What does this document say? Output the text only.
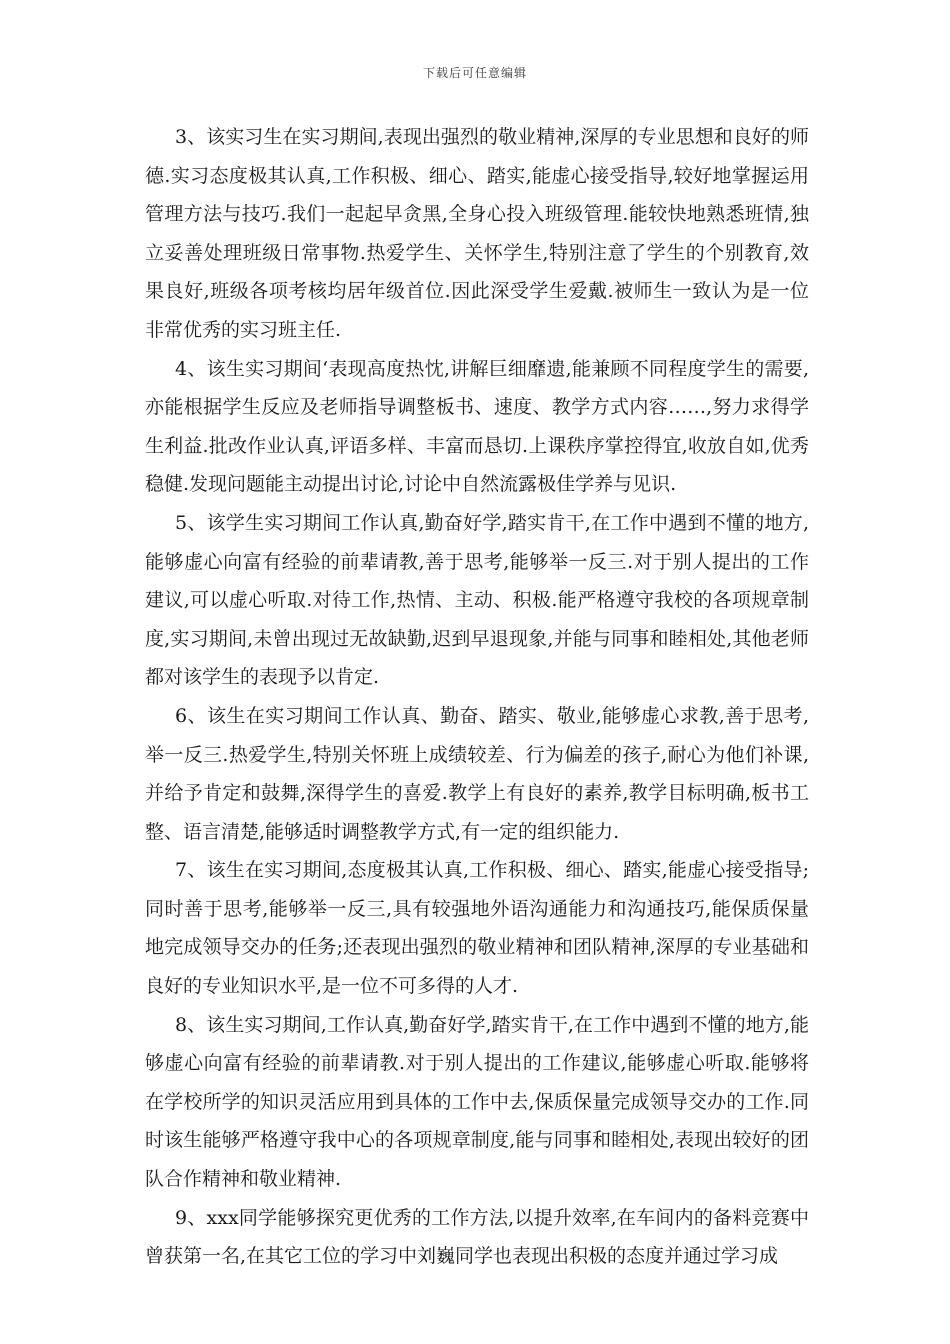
下载后可任意编辑

3、该实习生在实习期间,表现出强烈的敬业精神,深厚的专业思想和良好的师德.实习态度极其认真,工作积极、细心、踏实,能虚心接受指导,较好地掌握运用管理方法与技巧.我们一起起早贪黑,全身心投入班级管理.能较快地熟悉班情,独立妥善处理班级日常事物.热爱学生、关怀学生,特别注意了学生的个别教育,效果良好,班级各项考核均居年级首位.因此深受学生爱戴.被师生一致认为是一位非常优秀的实习班主任.

4、该生实习期间‘表现高度热忱,讲解巨细靡遗,能兼顾不同程度学生的需要,亦能根据学生反应及老师指导调整板书、速度、教学方式内容……,努力求得学生利益.批改作业认真,评语多样、丰富而恳切.上课秩序掌控得宜,收放自如,优秀稳健.发现问题能主动提出讨论,讨论中自然流露极佳学养与见识.

5、该学生实习期间工作认真,勤奋好学,踏实肯干,在工作中遇到不懂的地方,能够虚心向富有经验的前辈请教,善于思考,能够举一反三.对于别人提出的工作建议,可以虚心听取.对待工作,热情、主动、积极.能严格遵守我校的各项规章制度,实习期间,未曾出现过无故缺勤,迟到早退现象,并能与同事和睦相处,其他老师都对该学生的表现予以肯定.

6、该生在实习期间工作认真、勤奋、踏实、敬业,能够虚心求教,善于思考,举一反三.热爱学生,特别关怀班上成绩较差、行为偏差的孩子,耐心为他们补课,并给予肯定和鼓舞,深得学生的喜爱.教学上有良好的素养,教学目标明确,板书工整、语言清楚,能够适时调整教学方式,有一定的组织能力.

7、该生在实习期间,态度极其认真,工作积极、细心、踏实,能虚心接受指导;同时善于思考,能够举一反三,具有较强地外语沟通能力和沟通技巧,能保质保量地完成领导交办的任务;还表现出强烈的敬业精神和团队精神,深厚的专业基础和良好的专业知识水平,是一位不可多得的人才.

8、该生实习期间,工作认真,勤奋好学,踏实肯干,在工作中遇到不懂的地方,能够虚心向富有经验的前辈请教.对于别人提出的工作建议,能够虚心听取.能够将在学校所学的知识灵活应用到具体的工作中去,保质保量完成领导交办的工作.同时该生能够严格遵守我中心的各项规章制度,能与同事和睦相处,表现出较好的团队合作精神和敬业精神.

9、xxx同学能够探究更优秀的工作方法,以提升效率,在车间内的备料竞赛中曾获第一名,在其它工位的学习中刘巍同学也表现出积极的态度并通过学习成
